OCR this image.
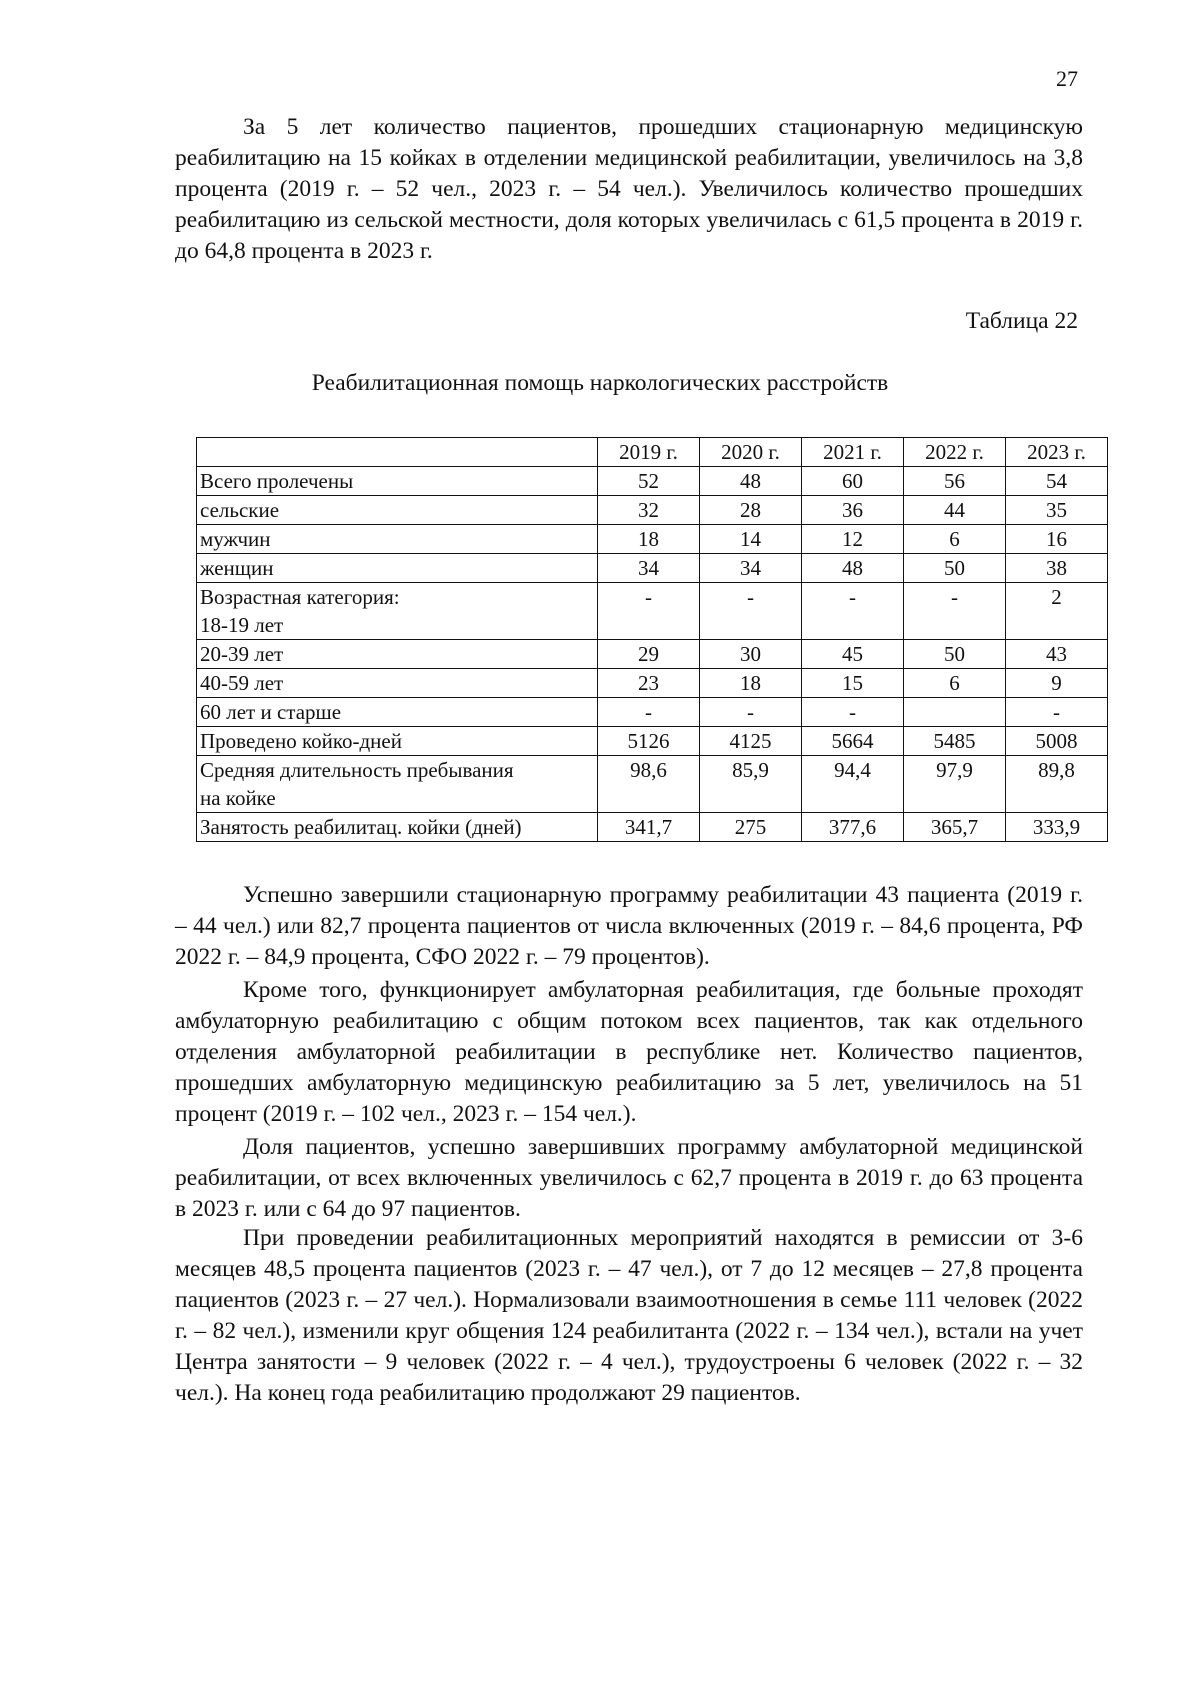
27

За 5 лет количество пациентов, прошедших стационарную медицинскую реабилитацию на 15 койках в отделении медицинской реабилитации, увеличилось на 3,8 процента (2019 г. – 52 чел., 2023 г. – 54 чел.). Увеличилось количество прошедших реабилитацию из сельской местности, доля которых увеличилась с 61,5 процента в 2019 г. до 64,8 процента в 2023 г.

Таблица 22
Реабилитационная помощь наркологических расстройств
	2019 г.	2020 г.	2021 г.	2022 г.	2023 г.
Всего пролечены	52	48	60	56	54
сельские	32	28	36	44	35
мужчин	18	14	12	6	16
женщин	34	34	48	50	38
Возрастная категория:
18-19 лет	-	-	-	-	2
20-39 лет	29	30	45	50	43
40-59 лет	23	18	15	6	9
60 лет и старше	-	-	-		-
Проведено койко-дней	5126	4125	5664	5485	5008
Средняя длительность пребывания
на койке	98,6	85,9	94,4	97,9	89,8
Занятость реабилитац. койки (дней)	341,7	275	377,6	365,7	333,9

Успешно завершили стационарную программу реабилитации 43 пациента (2019 г. – 44 чел.) или 82,7 процента пациентов от числа включенных (2019 г. – 84,6 процента, РФ 2022 г. – 84,9 процента, СФО 2022 г. – 79 процентов).

Кроме того, функционирует амбулаторная реабилитация, где больные проходят амбулаторную реабилитацию с общим потоком всех пациентов, так как отдельного отделения амбулаторной реабилитации в республике нет. Количество пациентов, прошедших амбулаторную медицинскую реабилитацию за 5 лет, увеличилось на 51 процент (2019 г. – 102 чел., 2023 г. – 154 чел.).

Доля пациентов, успешно завершивших программу амбулаторной медицинской реабилитации, от всех включенных увеличилось с 62,7 процента в 2019 г. до 63 процента в 2023 г. или с 64 до 97 пациентов.

При проведении реабилитационных мероприятий находятся в ремиссии от 3-6 месяцев 48,5 процента пациентов (2023 г. – 47 чел.), от 7 до 12 месяцев – 27,8 процента пациентов (2023 г. – 27 чел.). Нормализовали взаимоотношения в семье 111 человек (2022 г. – 82 чел.), изменили круг общения 124 реабилитанта (2022 г. – 134 чел.), встали на учет Центра занятости – 9 человек (2022 г. – 4 чел.), трудоустроены 6 человек (2022 г. – 32 чел.). На конец года реабилитацию продолжают 29 пациентов.
